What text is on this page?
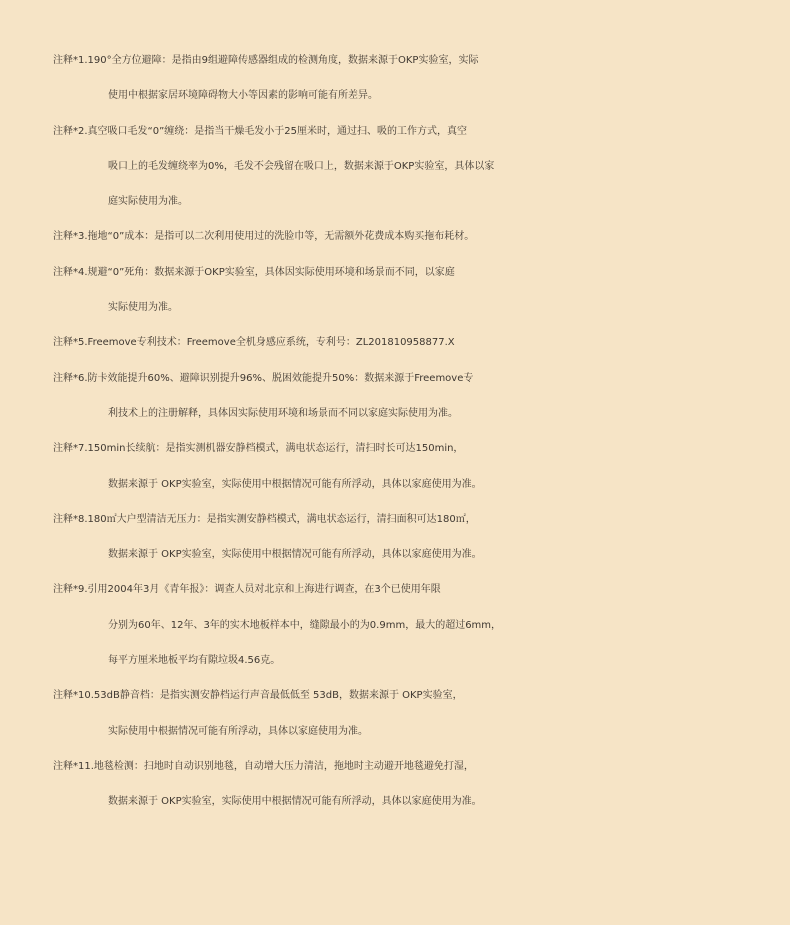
注释*1.190°全方位避障：是指由9组避障传感器组成的检测角度，数据来源于OKP实验室，实际
使用中根据家居环境障碍物大小等因素的影响可能有所差异。
注释*2.真空吸口毛发“0”缠绕：是指当干燥毛发小于25厘米时，通过扫、吸的工作方式，真空
吸口上的毛发缠绕率为0%，毛发不会残留在吸口上，数据来源于OKP实验室，具体以家
庭实际使用为准。
注释*3.拖地“0”成本：是指可以二次利用使用过的洗脸巾等，无需额外花费成本购买拖布耗材。
注释*4.规避“0”死角：数据来源于OKP实验室，具体因实际使用环境和场景而不同，以家庭
实际使用为准。
注释*5.Freemove专利技术：Freemove全机身感应系统，专利号：ZL201810958877.X
注释*6.防卡效能提升60%、避障识别提升96%、脱困效能提升50%：数据来源于Freemove专
利技术上的注册解释，具体因实际使用环境和场景而不同以家庭实际使用为准。
注释*7.150min长续航：是指实测机器安静档模式，满电状态运行，清扫时长可达150min，
数据来源于 OKP实验室，实际使用中根据情况可能有所浮动，具体以家庭使用为准。
注释*8.180㎡大户型清洁无压力：是指实测安静档模式，满电状态运行，清扫面积可达180㎡，
数据来源于 OKP实验室，实际使用中根据情况可能有所浮动，具体以家庭使用为准。
注释*9.引用2004年3月《青年报》：调查人员对北京和上海进行调查，在3个已使用年限
分别为60年、12年、3年的实木地板样本中，缝隙最小的为0.9mm，最大的超过6mm，
每平方厘米地板平均有隙垃圾4.56克。
注释*10.53dB静音档：是指实测安静档运行声音最低低至 53dB，数据来源于 OKP实验室，
实际使用中根据情况可能有所浮动，具体以家庭使用为准。
注释*11.地毯检测：扫地时自动识别地毯，自动增大压力清洁，拖地时主动避开地毯避免打湿，
数据来源于 OKP实验室，实际使用中根据情况可能有所浮动，具体以家庭使用为准。
